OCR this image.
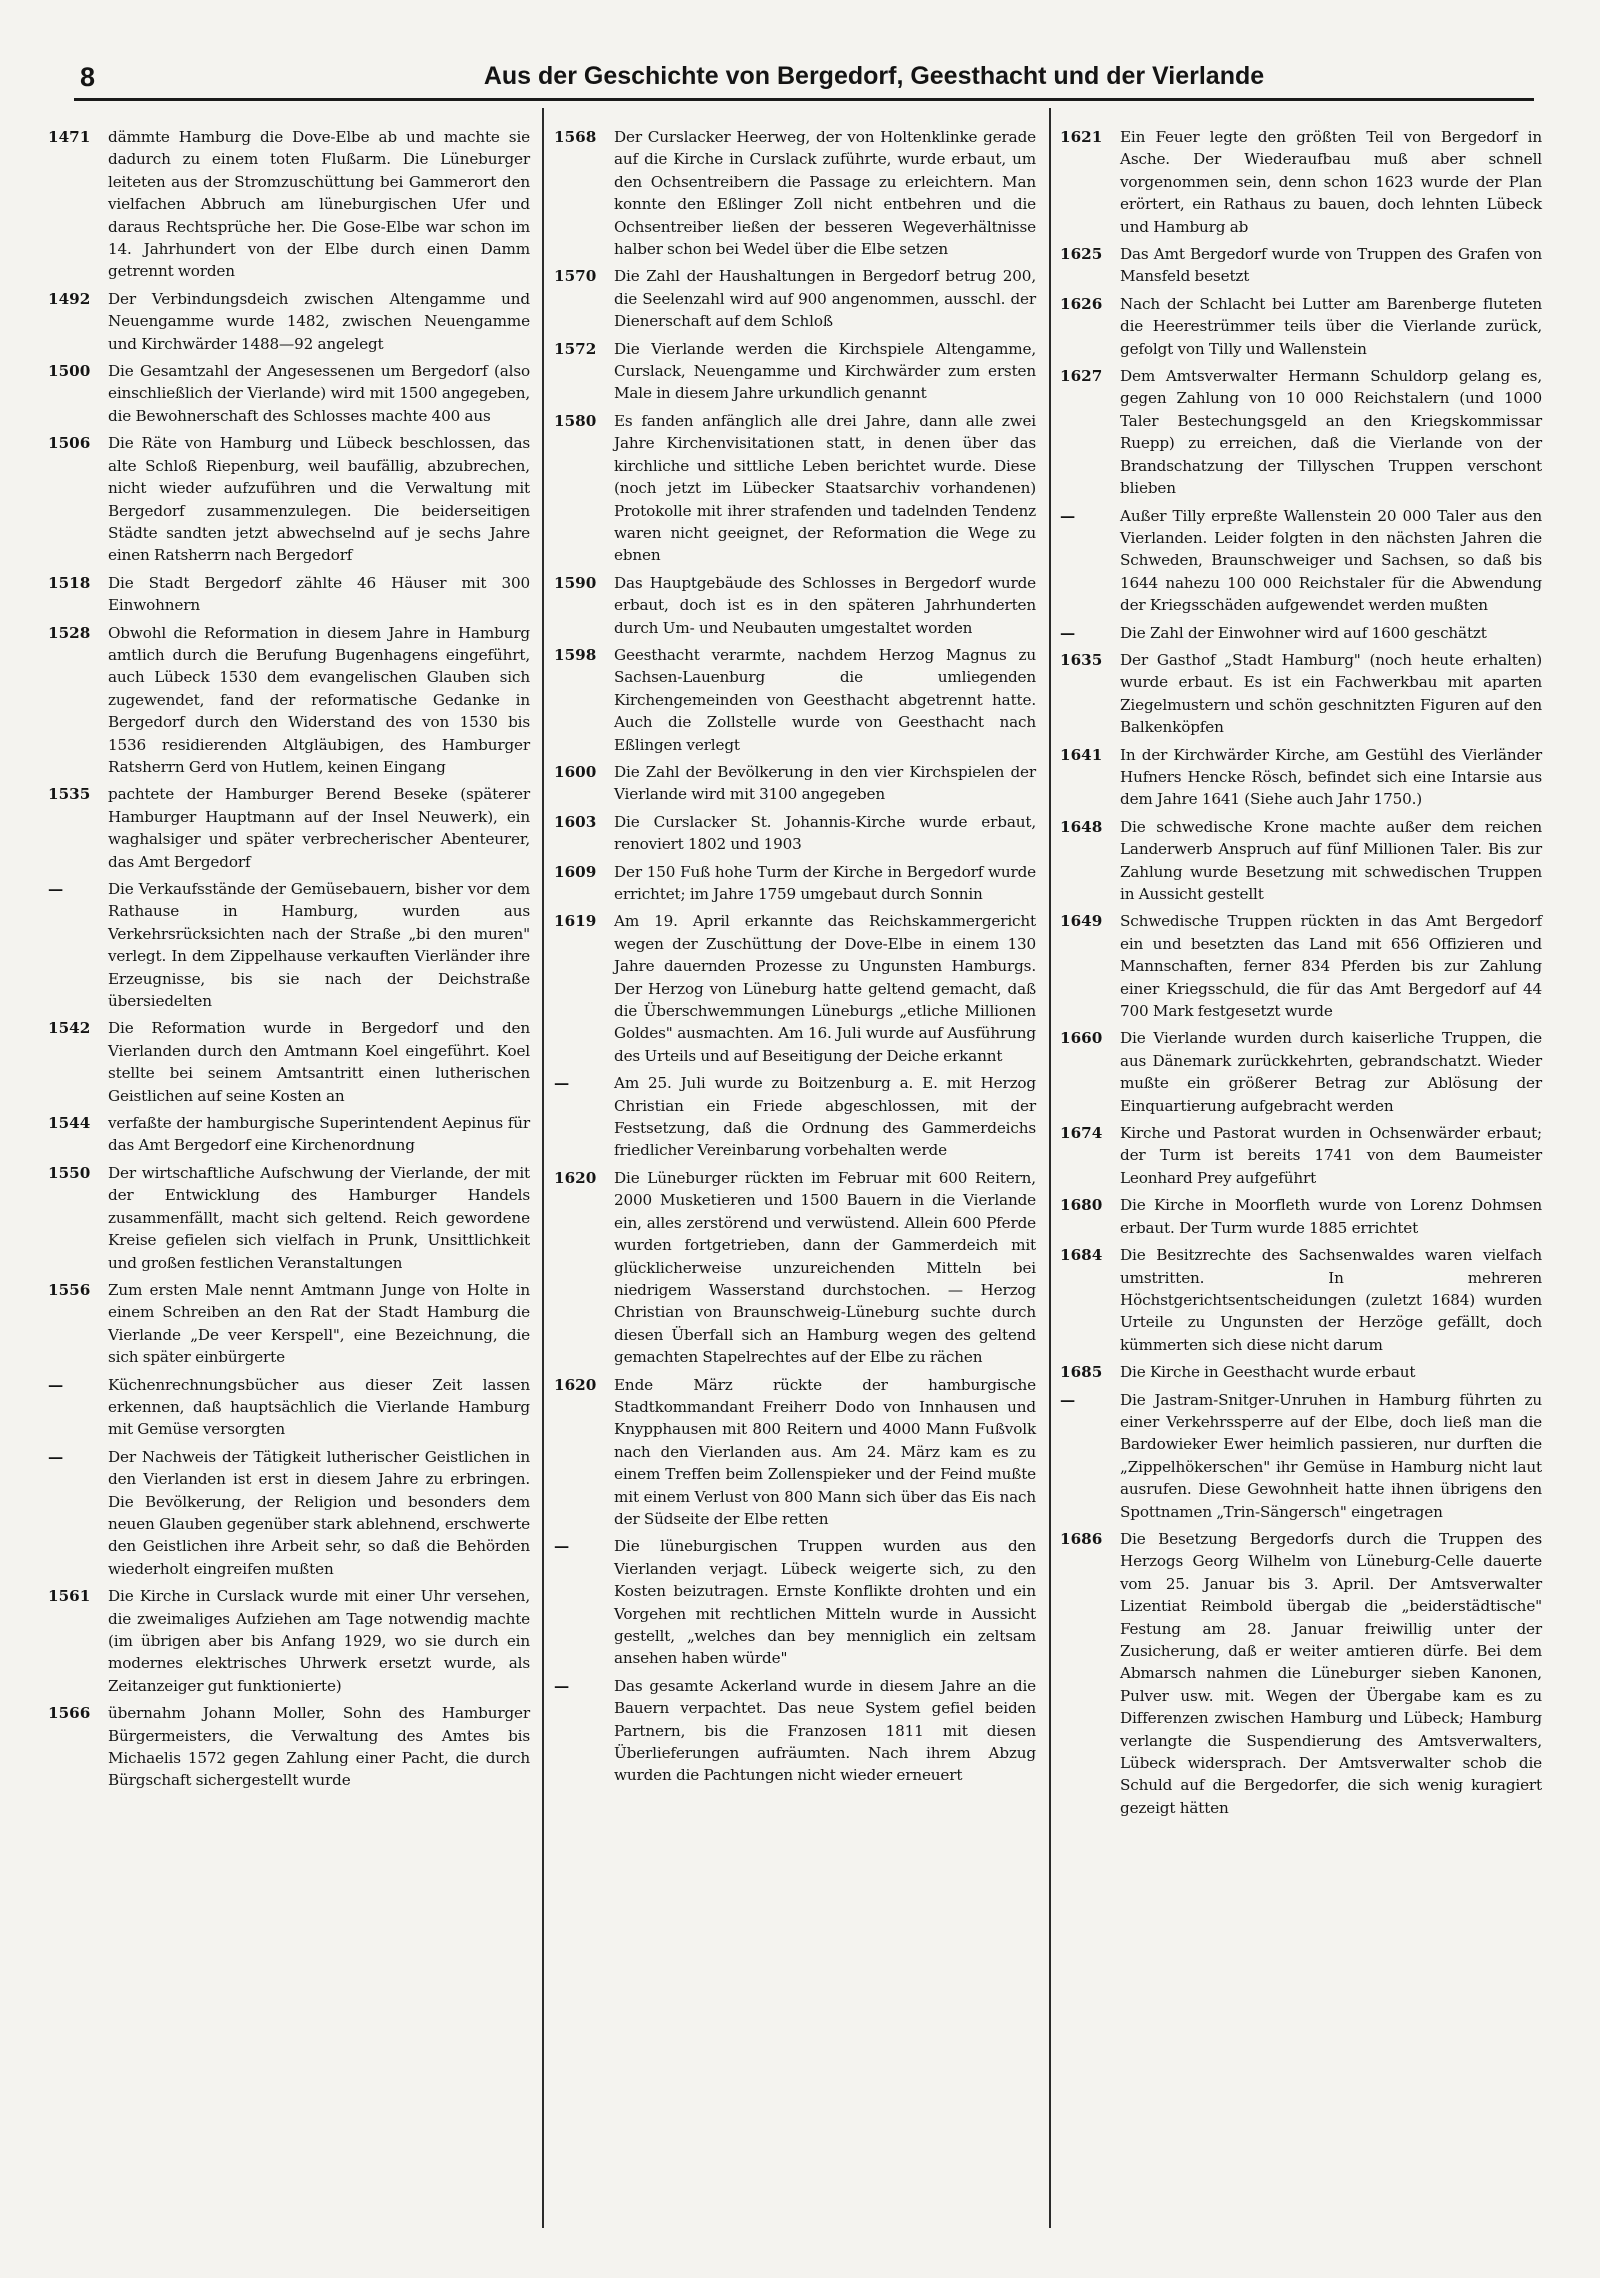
8	Aus der Geschichte von Bergedorf, Geesthacht und der Vierlande
1471	dämmte Hamburg die Dove-Elbe ab und machte sie dadurch zu einem toten Flußarm. Die Lüneburger leiteten aus der Stromzuschüttung bei Gammerort den vielfachen Abbruch am lüneburgischen Ufer und daraus Rechtsprüche her. Die Gose-Elbe war schon im 14. Jahrhundert von der Elbe durch einen Damm getrennt worden
1492	Der Verbindungsdeich zwischen Altengamme und Neuengamme wurde 1482, zwischen Neuengamme und Kirchwärder 1488—92 angelegt
1500	Die Gesamtzahl der Angesessenen um Bergedorf (also einschließlich der Vierlande) wird mit 1500 angegeben, die Bewohnerschaft des Schlosses machte 400 aus
1506	Die Räte von Hamburg und Lübeck beschlossen, das alte Schloß Riepenburg, weil baufällig, abzubrechen, nicht wieder aufzuführen und die Verwaltung mit Bergedorf zusammenzulegen. Die beiderseitigen Städte sandten jetzt abwechselnd auf je sechs Jahre einen Ratsherrn nach Bergedorf
1518	Die Stadt Bergedorf zählte 46 Häuser mit 300 Einwohnern
1528	Obwohl die Reformation in diesem Jahre in Hamburg amtlich durch die Berufung Bugenhagens eingeführt, auch Lübeck 1530 dem evangelischen Glauben sich zugewendet, fand der reformatische Gedanke in Bergedorf durch den Widerstand des von 1530 bis 1536 residierenden Altgläubigen, des Hamburger Ratsherrn Gerd von Hutlem, keinen Eingang
1535	pachtete der Hamburger Berend Beseke (späterer Hamburger Hauptmann auf der Insel Neuwerk), ein waghalsiger und später verbrecherischer Abenteurer, das Amt Bergedorf
—	Die Verkaufsstände der Gemüsebauern, bisher vor dem Rathause in Hamburg, wurden aus Verkehrsrücksichten nach der Straße „bi den muren" verlegt. In dem Zippelhause verkauften Vierländer ihre Erzeugnisse, bis sie nach der Deichstraße übersiedelten
1542	Die Reformation wurde in Bergedorf und den Vierlanden durch den Amtmann Koel eingeführt. Koel stellte bei seinem Amtsantritt einen lutherischen Geistlichen auf seine Kosten an
1544	verfaßte der hamburgische Superintendent Aepinus für das Amt Bergedorf eine Kirchenordnung
1550	Der wirtschaftliche Aufschwung der Vierlande, der mit der Entwicklung des Hamburger Handels zusammenfällt, macht sich geltend. Reich gewordene Kreise gefielen sich vielfach in Prunk, Unsittlichkeit und großen festlichen Veranstaltungen
1556	Zum ersten Male nennt Amtmann Junge von Holte in einem Schreiben an den Rat der Stadt Hamburg die Vierlande „De veer Kerspell", eine Bezeichnung, die sich später einbürgerte
—	Küchenrechnungsbücher aus dieser Zeit lassen erkennen, daß hauptsächlich die Vierlande Hamburg mit Gemüse versorgten
—	Der Nachweis der Tätigkeit lutherischer Geistlichen in den Vierlanden ist erst in diesem Jahre zu erbringen. Die Bevölkerung, der Religion und besonders dem neuen Glauben gegenüber stark ablehnend, erschwerte den Geistlichen ihre Arbeit sehr, so daß die Behörden wiederholt eingreifen mußten
1561	Die Kirche in Curslack wurde mit einer Uhr versehen, die zweimaliges Aufziehen am Tage notwendig machte (im übrigen aber bis Anfang 1929, wo sie durch ein modernes elektrisches Uhrwerk ersetzt wurde, als Zeitanzeiger gut funktionierte)
1566	übernahm Johann Moller, Sohn des Hamburger Bürgermeisters, die Verwaltung des Amtes bis Michaelis 1572 gegen Zahlung einer Pacht, die durch Bürgschaft sichergestellt wurde
1568	Der Curslacker Heerweg, der von Holtenklinke gerade auf die Kirche in Curslack zuführte, wurde erbaut, um den Ochsentreibern die Passage zu erleichtern. Man konnte den Eßlinger Zoll nicht entbehren und die Ochsentreiber ließen der besseren Wegeverhältnisse halber schon bei Wedel über die Elbe setzen
1570	Die Zahl der Haushaltungen in Bergedorf betrug 200, die Seelenzahl wird auf 900 angenommen, ausschl. der Dienerschaft auf dem Schloß
1572	Die Vierlande werden die Kirchspiele Altengamme, Curslack, Neuengamme und Kirchwärder zum ersten Male in diesem Jahre urkundlich genannt
1580	Es fanden anfänglich alle drei Jahre, dann alle zwei Jahre Kirchenvisitationen statt, in denen über das kirchliche und sittliche Leben berichtet wurde. Diese (noch jetzt im Lübecker Staatsarchiv vorhandenen) Protokolle mit ihrer strafenden und tadelnden Tendenz waren nicht geeignet, der Reformation die Wege zu ebnen
1590	Das Hauptgebäude des Schlosses in Bergedorf wurde erbaut, doch ist es in den späteren Jahrhunderten durch Um- und Neubauten umgestaltet worden
1598	Geesthacht verarmte, nachdem Herzog Magnus zu Sachsen-Lauenburg die umliegenden Kirchengemeinden von Geesthacht abgetrennt hatte. Auch die Zollstelle wurde von Geesthacht nach Eßlingen verlegt
1600	Die Zahl der Bevölkerung in den vier Kirchspielen der Vierlande wird mit 3100 angegeben
1603	Die Curslacker St. Johannis-Kirche wurde erbaut, renoviert 1802 und 1903
1609	Der 150 Fuß hohe Turm der Kirche in Bergedorf wurde errichtet; im Jahre 1759 umgebaut durch Sonnin
1619	Am 19. April erkannte das Reichskammergericht wegen der Zuschüttung der Dove-Elbe in einem 130 Jahre dauernden Prozesse zu Ungunsten Hamburgs. Der Herzog von Lüneburg hatte geltend gemacht, daß die Überschwemmungen Lüneburgs „etliche Millionen Goldes" ausmachten. Am 16. Juli wurde auf Ausführung des Urteils und auf Beseitigung der Deiche erkannt
—	Am 25. Juli wurde zu Boitzenburg a. E. mit Herzog Christian ein Friede abgeschlossen, mit der Festsetzung, daß die Ordnung des Gammerdeichs friedlicher Vereinbarung vorbehalten werde
1620	Die Lüneburger rückten im Februar mit 600 Reitern, 2000 Musketieren und 1500 Bauern in die Vierlande ein, alles zerstörend und verwüstend. Allein 600 Pferde wurden fortgetrieben, dann der Gammerdeich mit glücklicherweise unzureichenden Mitteln bei niedrigem Wasserstand durchstochen. — Herzog Christian von Braunschweig-Lüneburg suchte durch diesen Überfall sich an Hamburg wegen des geltend gemachten Stapelrechtes auf der Elbe zu rächen
1620	Ende März rückte der hamburgische Stadtkommandant Freiherr Dodo von Innhausen und Knypphausen mit 800 Reitern und 4000 Mann Fußvolk nach den Vierlanden aus. Am 24. März kam es zu einem Treffen beim Zollenspieker und der Feind mußte mit einem Verlust von 800 Mann sich über das Eis nach der Südseite der Elbe retten
—	Die lüneburgischen Truppen wurden aus den Vierlanden verjagt. Lübeck weigerte sich, zu den Kosten beizutragen. Ernste Konflikte drohten und ein Vorgehen mit rechtlichen Mitteln wurde in Aussicht gestellt, „welches dan bey menniglich ein zeltsam ansehen haben würde"
—	Das gesamte Ackerland wurde in diesem Jahre an die Bauern verpachtet. Das neue System gefiel beiden Partnern, bis die Franzosen 1811 mit diesen Überlieferungen aufräumten. Nach ihrem Abzug wurden die Pachtungen nicht wieder erneuert
1621	Ein Feuer legte den größten Teil von Bergedorf in Asche. Der Wiederaufbau muß aber schnell vorgenommen sein, denn schon 1623 wurde der Plan erörtert, ein Rathaus zu bauen, doch lehnten Lübeck und Hamburg ab
1625	Das Amt Bergedorf wurde von Truppen des Grafen von Mansfeld besetzt
1626	Nach der Schlacht bei Lutter am Barenberge fluteten die Heerestrümmer teils über die Vierlande zurück, gefolgt von Tilly und Wallenstein
1627	Dem Amtsverwalter Hermann Schuldorp gelang es, gegen Zahlung von 10 000 Reichstalern (und 1000 Taler Bestechungsgeld an den Kriegskommissar Ruepp) zu erreichen, daß die Vierlande von der Brandschatzung der Tillyschen Truppen verschont blieben
—	Außer Tilly erpreßte Wallenstein 20 000 Taler aus den Vierlanden. Leider folgten in den nächsten Jahren die Schweden, Braunschweiger und Sachsen, so daß bis 1644 nahezu 100 000 Reichstaler für die Abwendung der Kriegsschäden aufgewendet werden mußten
—	Die Zahl der Einwohner wird auf 1600 geschätzt
1635	Der Gasthof „Stadt Hamburg" (noch heute erhalten) wurde erbaut. Es ist ein Fachwerkbau mit aparten Ziegelmustern und schön geschnitzten Figuren auf den Balkenköpfen
1641	In der Kirchwärder Kirche, am Gestühl des Vierländer Hufners Hencke Rösch, befindet sich eine Intarsie aus dem Jahre 1641 (Siehe auch Jahr 1750.)
1648	Die schwedische Krone machte außer dem reichen Landerwerb Anspruch auf fünf Millionen Taler. Bis zur Zahlung wurde Besetzung mit schwedischen Truppen in Aussicht gestellt
1649	Schwedische Truppen rückten in das Amt Bergedorf ein und besetzten das Land mit 656 Offizieren und Mannschaften, ferner 834 Pferden bis zur Zahlung einer Kriegsschuld, die für das Amt Bergedorf auf 44 700 Mark festgesetzt wurde
1660	Die Vierlande wurden durch kaiserliche Truppen, die aus Dänemark zurückkehrten, gebrandschatzt. Wieder mußte ein größerer Betrag zur Ablösung der Einquartierung aufgebracht werden
1674	Kirche und Pastorat wurden in Ochsenwärder erbaut; der Turm ist bereits 1741 von dem Baumeister Leonhard Prey aufgeführt
1680	Die Kirche in Moorfleth wurde von Lorenz Dohmsen erbaut. Der Turm wurde 1885 errichtet
1684	Die Besitzrechte des Sachsenwaldes waren vielfach umstritten. In mehreren Höchstgerichtsentscheidungen (zuletzt 1684) wurden Urteile zu Ungunsten der Herzöge gefällt, doch kümmerten sich diese nicht darum
1685	Die Kirche in Geesthacht wurde erbaut
—	Die Jastram-Snitger-Unruhen in Hamburg führten zu einer Verkehrssperre auf der Elbe, doch ließ man die Bardowieker Ewer heimlich passieren, nur durften die „Zippelhökerschen" ihr Gemüse in Hamburg nicht laut ausrufen. Diese Gewohnheit hatte ihnen übrigens den Spottnamen „Trin-Sängersch" eingetragen
1686	Die Besetzung Bergedorfs durch die Truppen des Herzogs Georg Wilhelm von Lüneburg-Celle dauerte vom 25. Januar bis 3. April. Der Amtsverwalter Lizentiat Reimbold übergab die „beiderstädtische" Festung am 28. Januar freiwillig unter der Zusicherung, daß er weiter amtieren dürfe. Bei dem Abmarsch nahmen die Lüneburger sieben Kanonen, Pulver usw. mit. Wegen der Übergabe kam es zu Differenzen zwischen Hamburg und Lübeck; Hamburg verlangte die Suspendierung des Amtsverwalters, Lübeck widersprach. Der Amtsverwalter schob die Schuld auf die Bergedorfer, die sich wenig kuragiert gezeigt hätten
